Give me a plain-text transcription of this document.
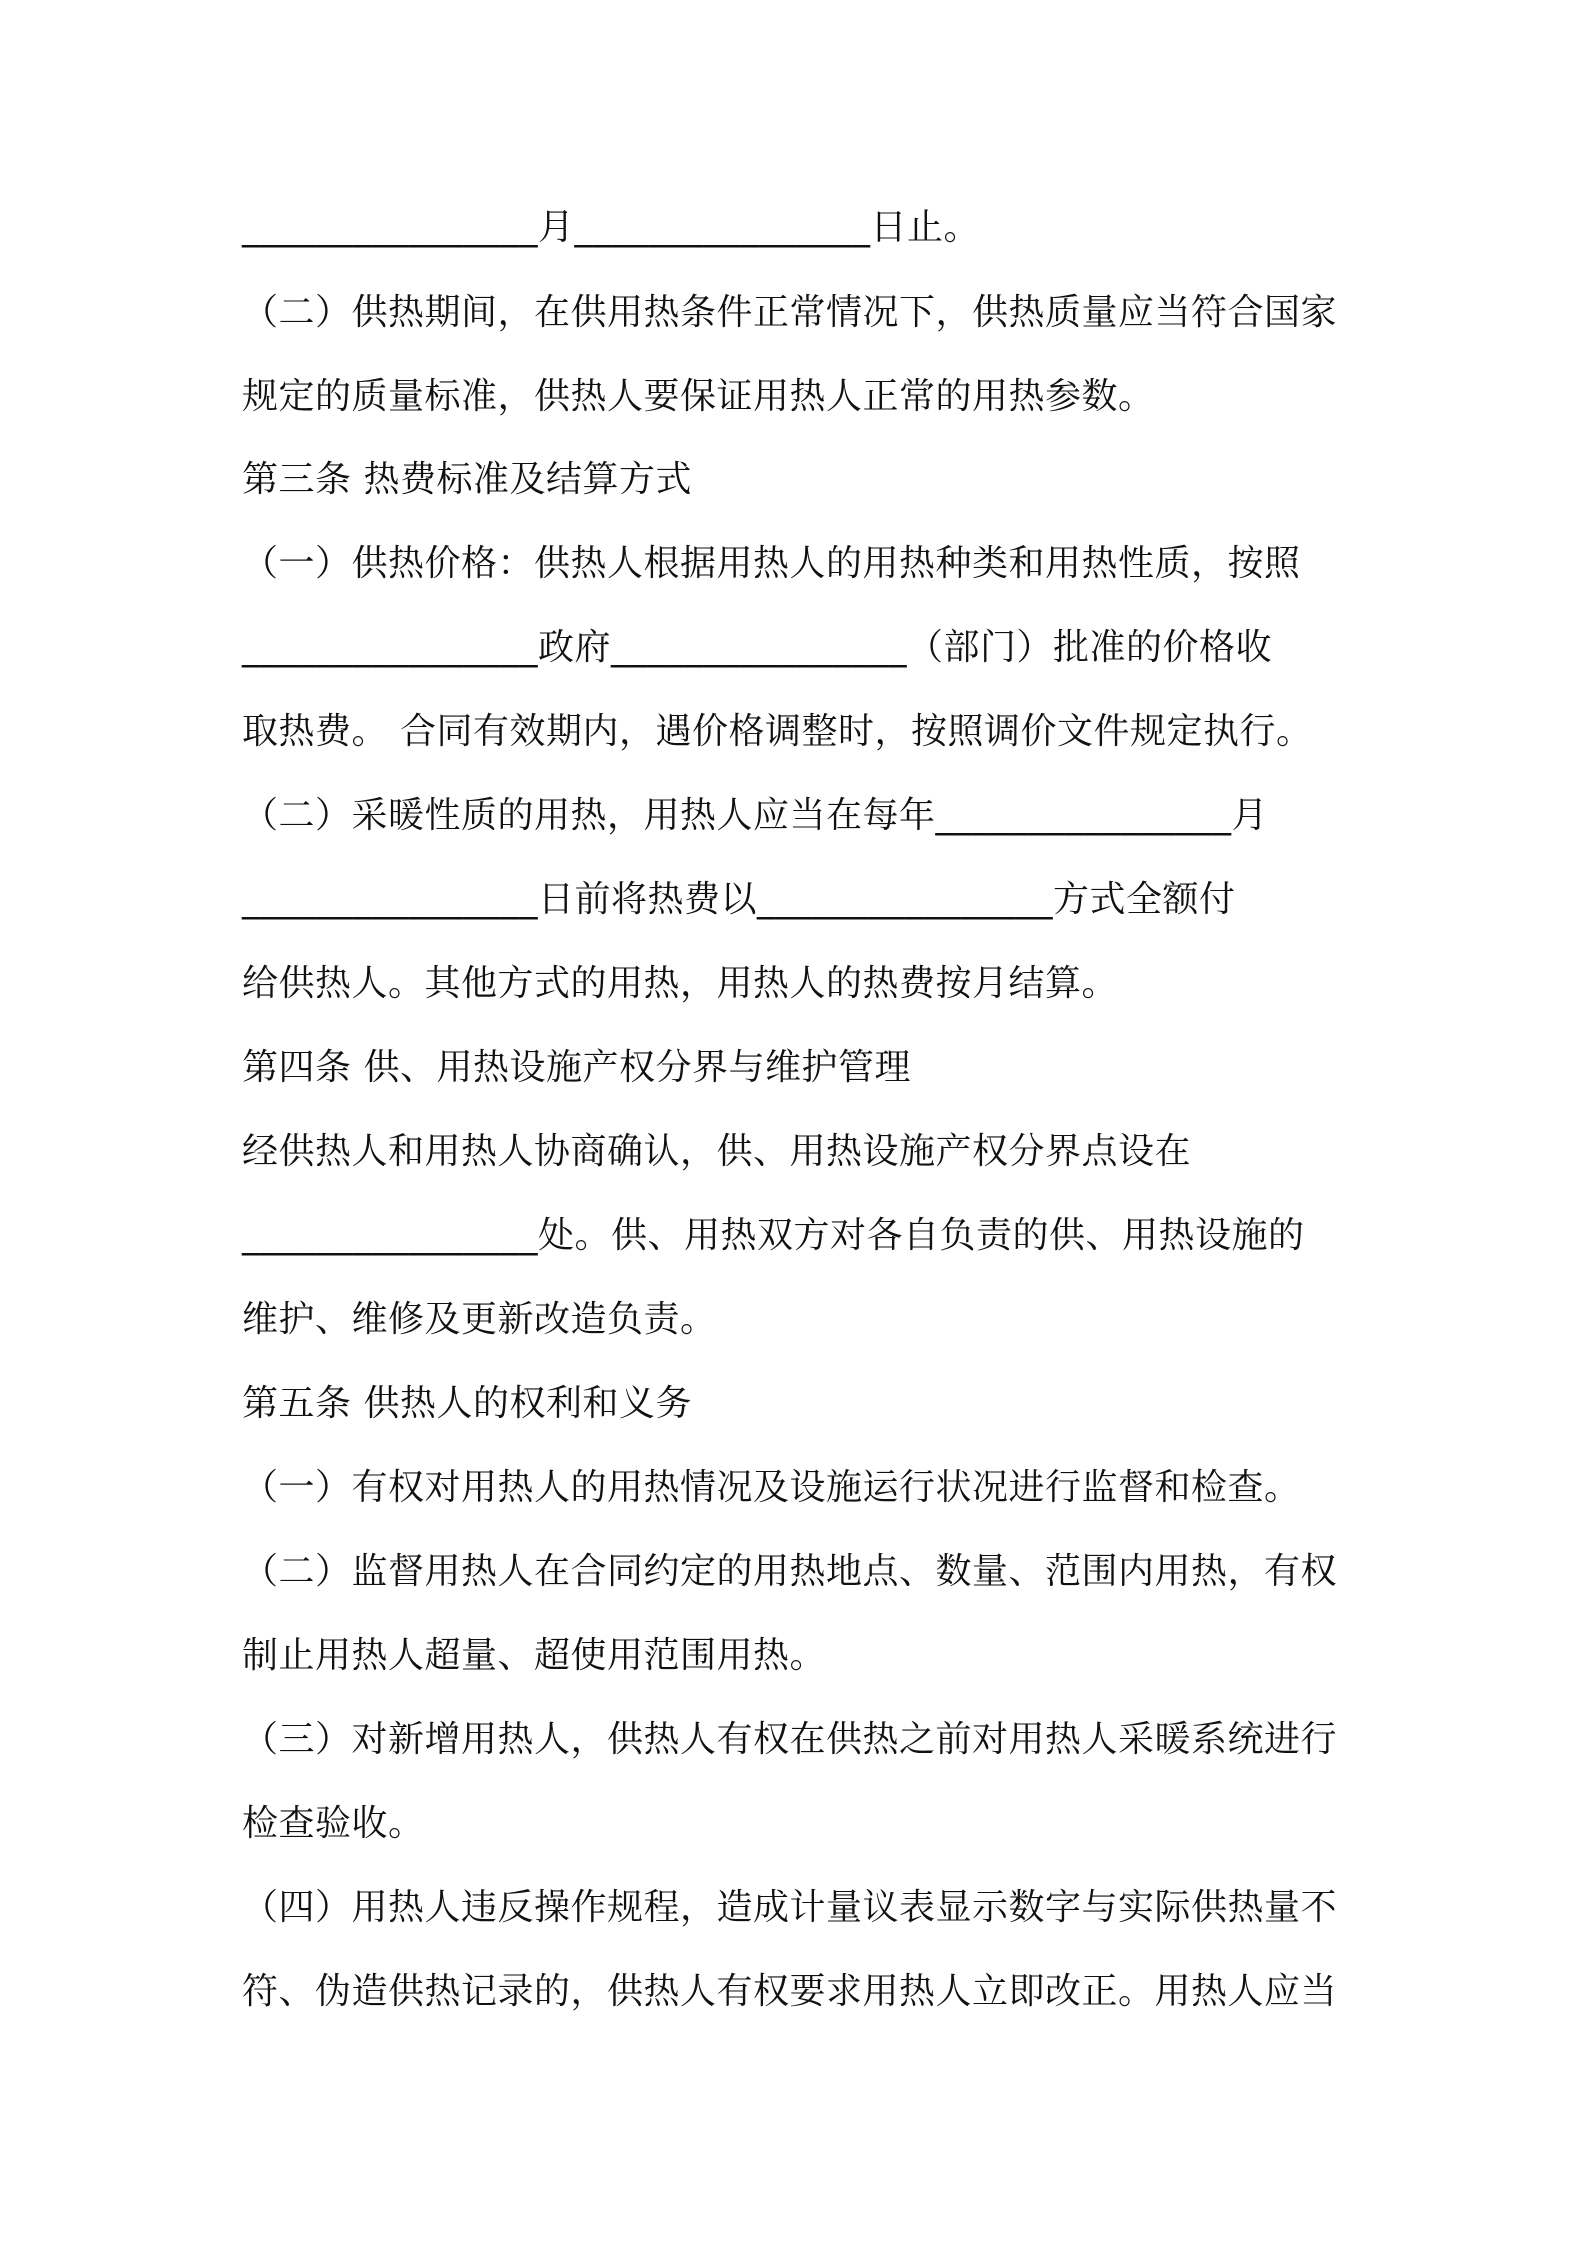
________________月________________日止。
（二）供热期间，在供用热条件正常情况下，供热质量应当符合国家
规定的质量标准，供热人要保证用热人正常的用热参数。
第三条 热费标准及结算方式
（一）供热价格：供热人根据用热人的用热种类和用热性质，按照
________________政府________________（部门）批准的价格收
取热费。 合同有效期内，遇价格调整时，按照调价文件规定执行。
（二）采暖性质的用热，用热人应当在每年________________月
________________日前将热费以________________方式全额付
给供热人。其他方式的用热，用热人的热费按月结算。
第四条 供、用热设施产权分界与维护管理
经供热人和用热人协商确认，供、用热设施产权分界点设在
________________处。供、用热双方对各自负责的供、用热设施的
维护、维修及更新改造负责。
第五条 供热人的权利和义务
（一）有权对用热人的用热情况及设施运行状况进行监督和检查。
（二）监督用热人在合同约定的用热地点、数量、范围内用热，有权
制止用热人超量、超使用范围用热。
（三）对新增用热人，供热人有权在供热之前对用热人采暖系统进行
检查验收。
（四）用热人违反操作规程，造成计量议表显示数字与实际供热量不
符、伪造供热记录的，供热人有权要求用热人立即改正。用热人应当
